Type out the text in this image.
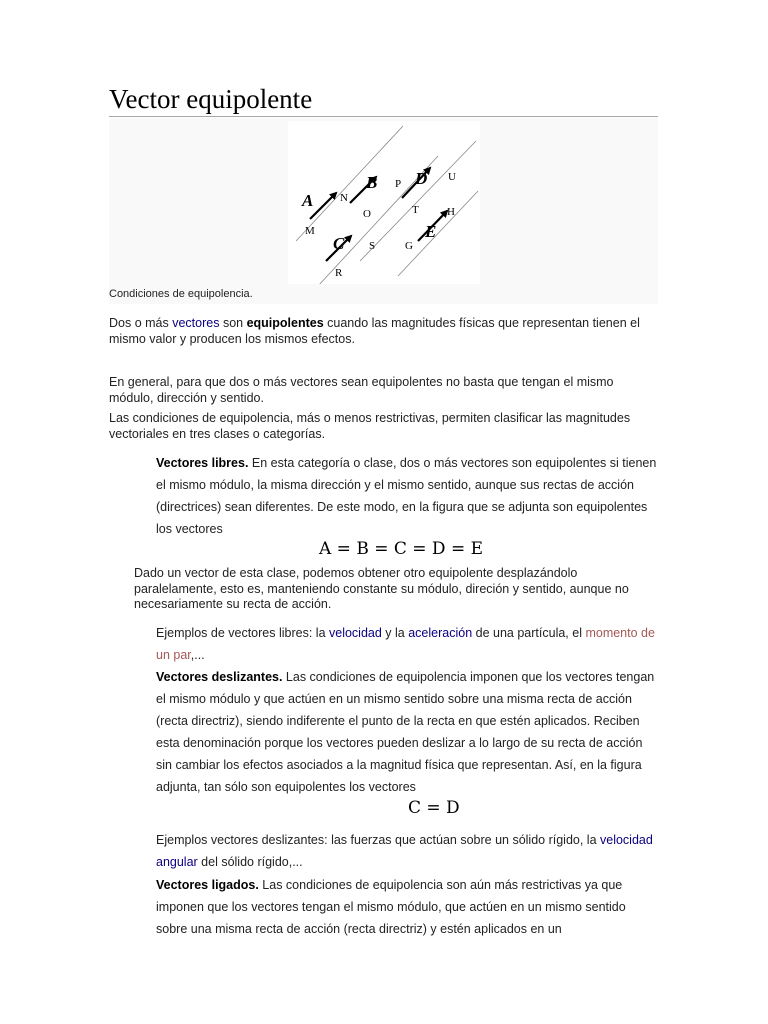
Vector equipolente
A
B D
C
E
N
M
P
O
U
T	H
S	G
R
Condiciones de equipolencia.

Dos o más vectores son equipolentes cuando las magnitudes físicas que representan tienen el mismo valor y producen los mismos efectos.

En general, para que dos o más vectores sean equipolentes no basta que tengan el mismo módulo, dirección y sentido.

Las condiciones de equipolencia, más o menos restrictivas, permiten clasificar las magnitudes vectoriales en tres clases o categorías.

Vectores libres. En esta categoría o clase, dos o más vectores son equipolentes si tienen el mismo módulo, la misma dirección y el mismo sentido, aunque sus rectas de acción (directrices) sean diferentes. De este modo, en la figura que se adjunta son equipolentes los vectores

A = B = C = D = E

Dado un vector de esta clase, podemos obtener otro equipolente desplazándolo paralelamente, esto es, manteniendo constante su módulo, direción y sentido, aunque no necesariamente su recta de acción.

Ejemplos de vectores libres: la velocidad y la aceleración de una partícula, el momento de un par,...

Vectores deslizantes. Las condiciones de equipolencia imponen que los vectores tengan el mismo módulo y que actúen en un mismo sentido sobre una misma recta de acción (recta directriz), siendo indiferente el punto de la recta en que estén aplicados. Reciben esta denominación porque los vectores pueden deslizar a lo largo de su recta de acción sin cambiar los efectos asociados a la magnitud física que representan. Así, en la figura adjunta, tan sólo son equipolentes los vectores

C = D

Ejemplos vectores deslizantes: las fuerzas que actúan sobre un sólido rígido, la velocidad angular del sólido rígido,...

Vectores ligados. Las condiciones de equipolencia son aún más restrictivas ya que imponen que los vectores tengan el mismo módulo, que actúen en un mismo sentido sobre una misma recta de acción (recta directriz) y estén aplicados en un
